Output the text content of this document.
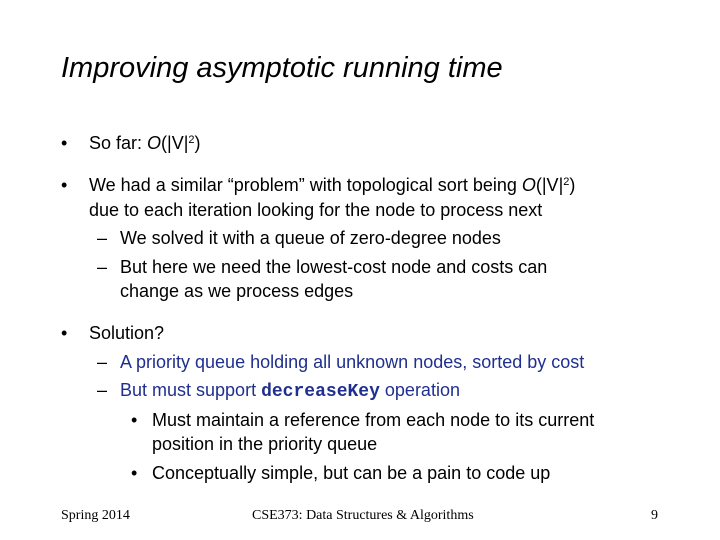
Improving asymptotic running time
• So far: $O(|V|^2)$
• We had a similar “problem” with topological sort being $O(|V|^2)$
due to each iteration looking for the node to process next
– We solved it with a queue of zero-degree nodes
– But here we need the lowest-cost node and costs can
change as we process edges
• Solution?
– A priority queue holding all unknown nodes, sorted by cost
– But must support decreaseKey operation
• Must maintain a reference from each node to its current
position in the priority queue
• Conceptually simple, but can be a pain to code up
Spring 2014	CSE373: Data Structures & Algorithms	9
